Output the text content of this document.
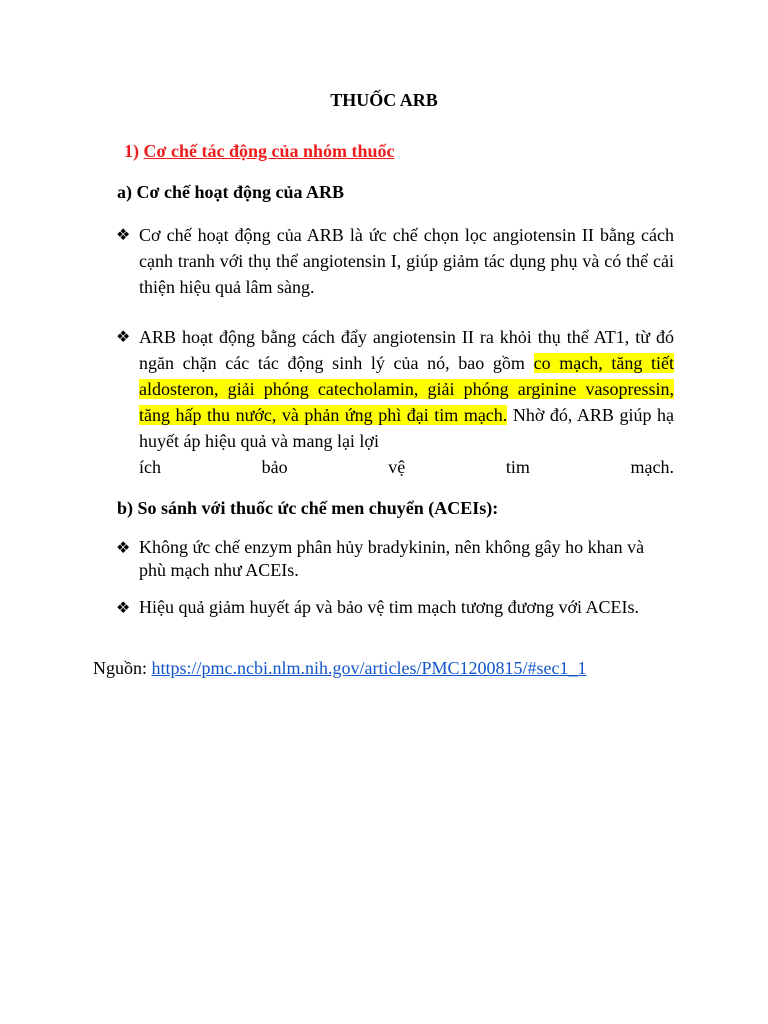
THUỐC ARB
1) Cơ chế tác động của nhóm thuốc
a) Cơ chế hoạt động của ARB
❖ Cơ chế hoạt động của ARB là ức chế chọn lọc angiotensin II bằng cách cạnh tranh với thụ thể angiotensin I, giúp giảm tác dụng phụ và có thể cải thiện hiệu quả lâm sàng.
❖ ARB hoạt động bằng cách đẩy angiotensin II ra khỏi thụ thể AT1, từ đó ngăn chặn các tác động sinh lý của nó, bao gồm co mạch, tăng tiết aldosteron, giải phóng catecholamin, giải phóng arginine vasopressin, tăng hấp thu nước, và phản ứng phì đại tim mạch. Nhờ đó, ARB giúp hạ huyết áp hiệu quả và mang lại lợi
ích bảo vệ tim mạch.
b) So sánh với thuốc ức chế men chuyển (ACEIs):
❖ Không ức chế enzym phân hủy bradykinin, nên không gây ho khan và phù mạch như ACEIs.
❖ Hiệu quả giảm huyết áp và bảo vệ tim mạch tương đương với ACEIs.
Nguồn: https://pmc.ncbi.nlm.nih.gov/articles/PMC1200815/#sec1_1
